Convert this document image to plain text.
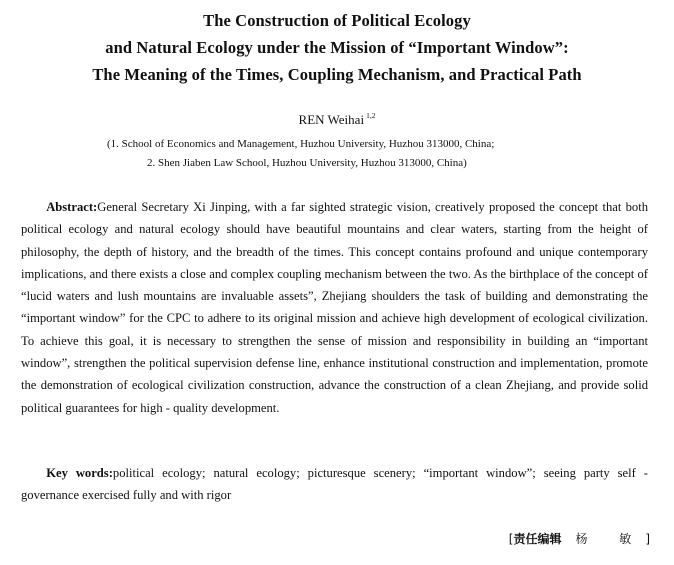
The Construction of Political Ecology
and Natural Ecology under the Mission of “Important Window”:
The Meaning of the Times, Coupling Mechanism, and Practical Path
REN Weihai $^{1,2}$
(1. School of Economics and Management, Huzhou University, Huzhou 313000, China;
2. Shen Jiaben Law School, Huzhou University, Huzhou 313000, China)

Abstract:General Secretary Xi Jinping, with a far sighted strategic vision, creatively proposed the concept that both political ecology and natural ecology should have beautiful mountains and clear waters, starting from the height of philosophy, the depth of history, and the breadth of the times. This concept contains profound and unique contemporary implications, and there exists a close and complex coupling mechanism between the two. As the birthplace of the concept of “lucid waters and lush mountains are invaluable assets”, Zhejiang shoulders the task of building and demonstrating the “important window” for the CPC to adhere to its original mission and achieve high development of ecological civilization. To achieve this goal, it is necessary to strengthen the sense of mission and responsibility in building an “important window”, strengthen the political supervision defense line, enhance institutional construction and implementation, promote the demonstration of ecological civilization construction, advance the construction of a clean Zhejiang, and provide solid political guarantees for high - quality development.

Key words:political ecology; natural ecology; picturesque scenery; “important window”; seeing party self - governance exercised fully and with rigor

[责任编辑 杨 敏]
